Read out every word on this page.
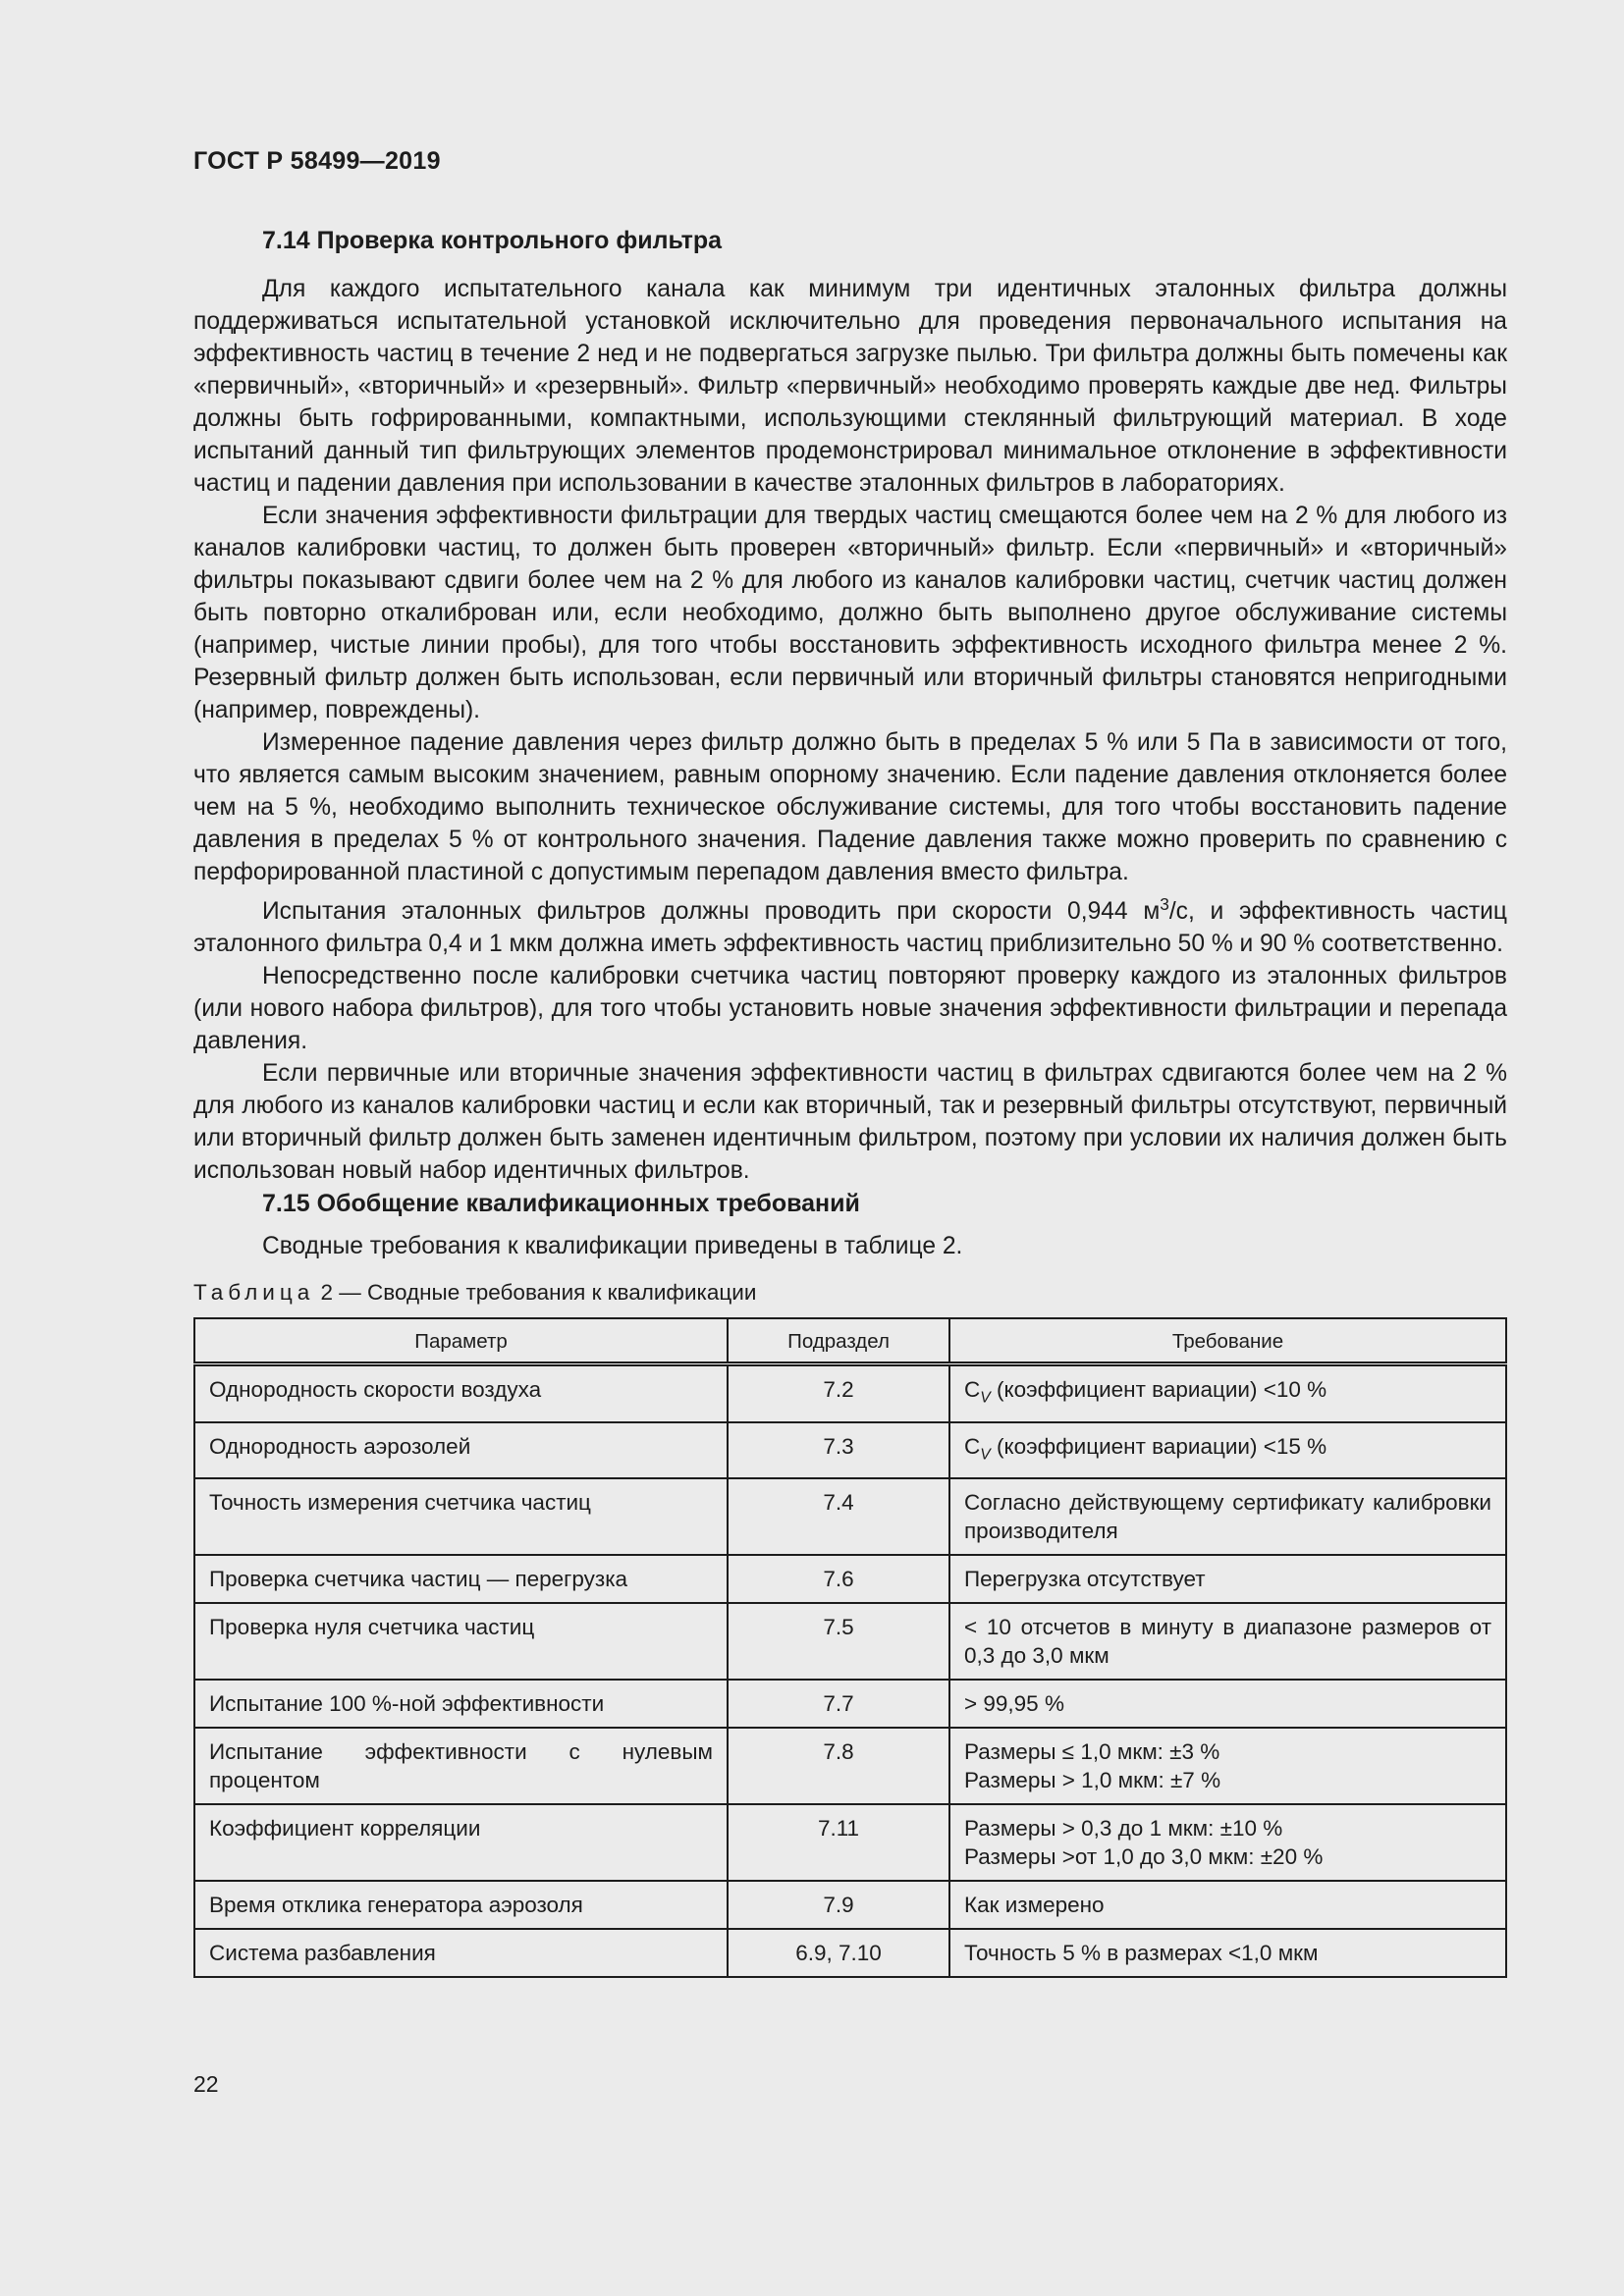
ГОСТ Р 58499—2019
7.14 Проверка контрольного фильтра

Для каждого испытательного канала как минимум три идентичных эталонных фильтра должны поддерживаться испытательной установкой исключительно для проведения первоначального испытания на эффективность частиц в течение 2 нед и не подвергаться загрузке пылью. Три фильтра должны быть помечены как «первичный», «вторичный» и «резервный». Фильтр «первичный» необходимо проверять каждые две нед. Фильтры должны быть гофрированными, компактными, использующими стеклянный фильтрующий материал. В ходе испытаний данный тип фильтрующих элементов продемонстрировал минимальное отклонение в эффективности частиц и падении давления при использовании в качестве эталонных фильтров в лабораториях.

Если значения эффективности фильтрации для твердых частиц смещаются более чем на 2 % для любого из каналов калибровки частиц, то должен быть проверен «вторичный» фильтр. Если «первичный» и «вторичный» фильтры показывают сдвиги более чем на 2 % для любого из каналов калибровки частиц, счетчик частиц должен быть повторно откалиброван или, если необходимо, должно быть выполнено другое обслуживание системы (например, чистые линии пробы), для того чтобы восстановить эффективность исходного фильтра менее 2 %. Резервный фильтр должен быть использован, если первичный или вторичный фильтры становятся непригодными (например, повреждены).

Измеренное падение давления через фильтр должно быть в пределах 5 % или 5 Па в зависимости от того, что является самым высоким значением, равным опорному значению. Если падение давления отклоняется более чем на 5 %, необходимо выполнить техническое обслуживание системы, для того чтобы восстановить падение давления в пределах 5 % от контрольного значения. Падение давления также можно проверить по сравнению с перфорированной пластиной с допустимым перепадом давления вместо фильтра.

Испытания эталонных фильтров должны проводить при скорости 0,944 $м^3/с$, и эффективность частиц эталонного фильтра 0,4 и 1 мкм должна иметь эффективность частиц приблизительно 50 % и 90 % соответственно.

Непосредственно после калибровки счетчика частиц повторяют проверку каждого из эталонных фильтров (или нового набора фильтров), для того чтобы установить новые значения эффективности фильтрации и перепада давления.

Если первичные или вторичные значения эффективности частиц в фильтрах сдвигаются более чем на 2 % для любого из каналов калибровки частиц и если как вторичный, так и резервный фильтры отсутствуют, первичный или вторичный фильтр должен быть заменен идентичным фильтром, поэтому при условии их наличия должен быть использован новый набор идентичных фильтров.

7.15 Обобщение квалификационных требований

Сводные требования к квалификации приведены в таблице 2.

Таблица 2 — Сводные требования к квалификации
Параметр	Подраздел	Требование
Однородность скорости воздуха	7.2	$C_V$ (коэффициент вариации) <10 %
Однородность аэрозолей	7.3	$C_V$ (коэффициент вариации) <15 %
Точность измерения счетчика частиц	7.4	Согласно действующему сертификату калибровки производителя

Проверка счетчика частиц — перегрузка	7.6	Перегрузка отсутствует

Проверка нуля счетчика частиц	7.5	< 10 отсчетов в минуту в диапазоне размеров от 0,3 до 3,0 мкм

Испытание 100 %-ной эффективности	7.7	> 99,95 %

Испытание эффективности с нулевым процентом	7.8	Размеры ≤ 1,0 мкм: ±3 %
Размеры > 1,0 мкм: ±7 %

Коэффициент корреляции	7.11	Размеры > 0,3 до 1 мкм: ±10 %
Размеры >от 1,0 до 3,0 мкм: ±20 %

Время отклика генератора аэрозоля	7.9	Как измерено

Система разбавления	6.9, 7.10	Точность 5 % в размерах <1,0 мкм
22
